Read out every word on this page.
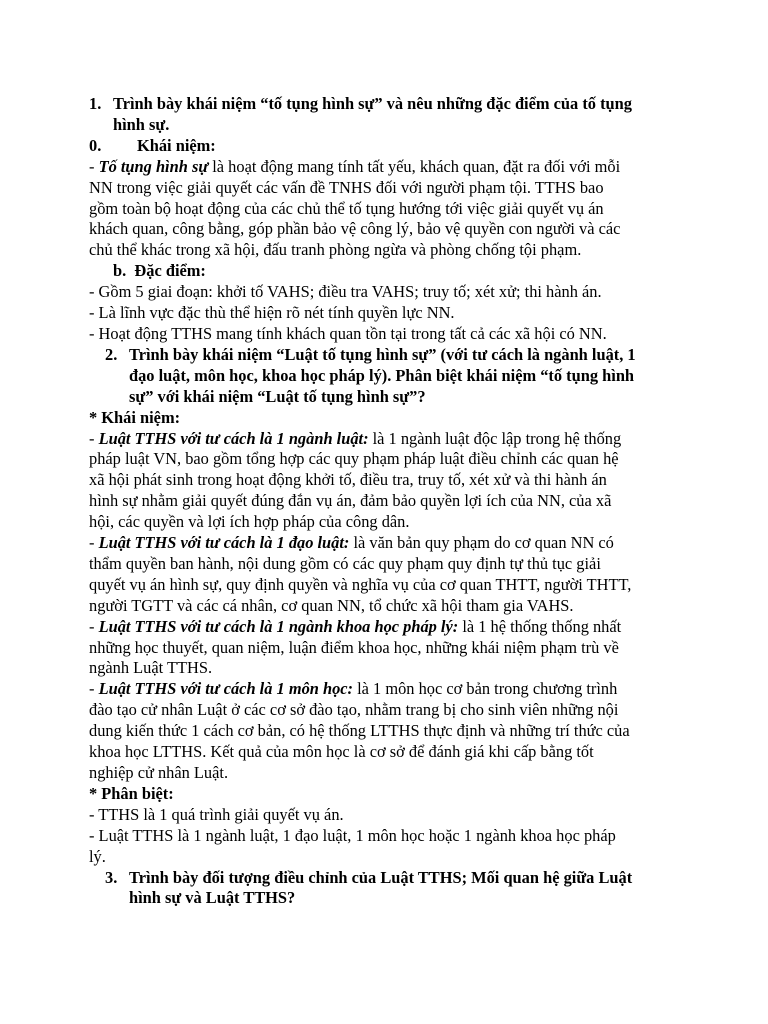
1. Trình bày khái niệm “tố tụng hình sự” và nêu những đặc điểm của tố tụng
hình sự.
0. Khái niệm:
- Tố tụng hình sự là hoạt động mang tính tất yếu, khách quan, đặt ra đối với mỗi
NN trong việc giải quyết các vấn đề TNHS đối với người phạm tội. TTHS bao
gồm toàn bộ hoạt động của các chủ thể tố tụng hướng tới việc giải quyết vụ án
khách quan, công bằng, góp phần bảo vệ công lý, bảo vệ quyền con người và các
chủ thể khác trong xã hội, đấu tranh phòng ngừa và phòng chống tội phạm.
b. Đặc điểm:
- Gồm 5 giai đoạn: khởi tố VAHS; điều tra VAHS; truy tố; xét xử; thi hành án.
- Là lĩnh vực đặc thù thể hiện rõ nét tính quyền lực NN.
- Hoạt động TTHS mang tính khách quan tồn tại trong tất cả các xã hội có NN.
2. Trình bày khái niệm “Luật tố tụng hình sự” (với tư cách là ngành luật, 1
đạo luật, môn học, khoa học pháp lý). Phân biệt khái niệm “tố tụng hình
sự” với khái niệm “Luật tố tụng hình sự”?
* Khái niệm:
- Luật TTHS với tư cách là 1 ngành luật: là 1 ngành luật độc lập trong hệ thống
pháp luật VN, bao gồm tổng hợp các quy phạm pháp luật điều chỉnh các quan hệ
xã hội phát sinh trong hoạt động khởi tố, điều tra, truy tố, xét xử và thi hành án
hình sự nhằm giải quyết đúng đắn vụ án, đảm bảo quyền lợi ích của NN, của xã
hội, các quyền và lợi ích hợp pháp của công dân.
- Luật TTHS với tư cách là 1 đạo luật: là văn bản quy phạm do cơ quan NN có
thẩm quyền ban hành, nội dung gồm có các quy phạm quy định tự thủ tục giải
quyết vụ án hình sự, quy định quyền và nghĩa vụ của cơ quan THTT, người THTT,
người TGTT và các cá nhân, cơ quan NN, tổ chức xã hội tham gia VAHS.
- Luật TTHS với tư cách là 1 ngành khoa học pháp lý: là 1 hệ thống thống nhất
những học thuyết, quan niệm, luận điểm khoa học, những khái niệm phạm trù về
ngành Luật TTHS.
- Luật TTHS với tư cách là 1 môn học: là 1 môn học cơ bản trong chương trình
đào tạo cử nhân Luật ở các cơ sở đào tạo, nhằm trang bị cho sinh viên những nội
dung kiến thức 1 cách cơ bản, có hệ thống LTTHS thực định và những trí thức của
khoa học LTTHS. Kết quả của môn học là cơ sở để đánh giá khi cấp bằng tốt
nghiệp cử nhân Luật.
* Phân biệt:
- TTHS là 1 quá trình giải quyết vụ án.
- Luật TTHS là 1 ngành luật, 1 đạo luật, 1 môn học hoặc 1 ngành khoa học pháp
lý.
3. Trình bày đối tượng điều chỉnh của Luật TTHS; Mối quan hệ giữa Luật
hình sự và Luật TTHS?
